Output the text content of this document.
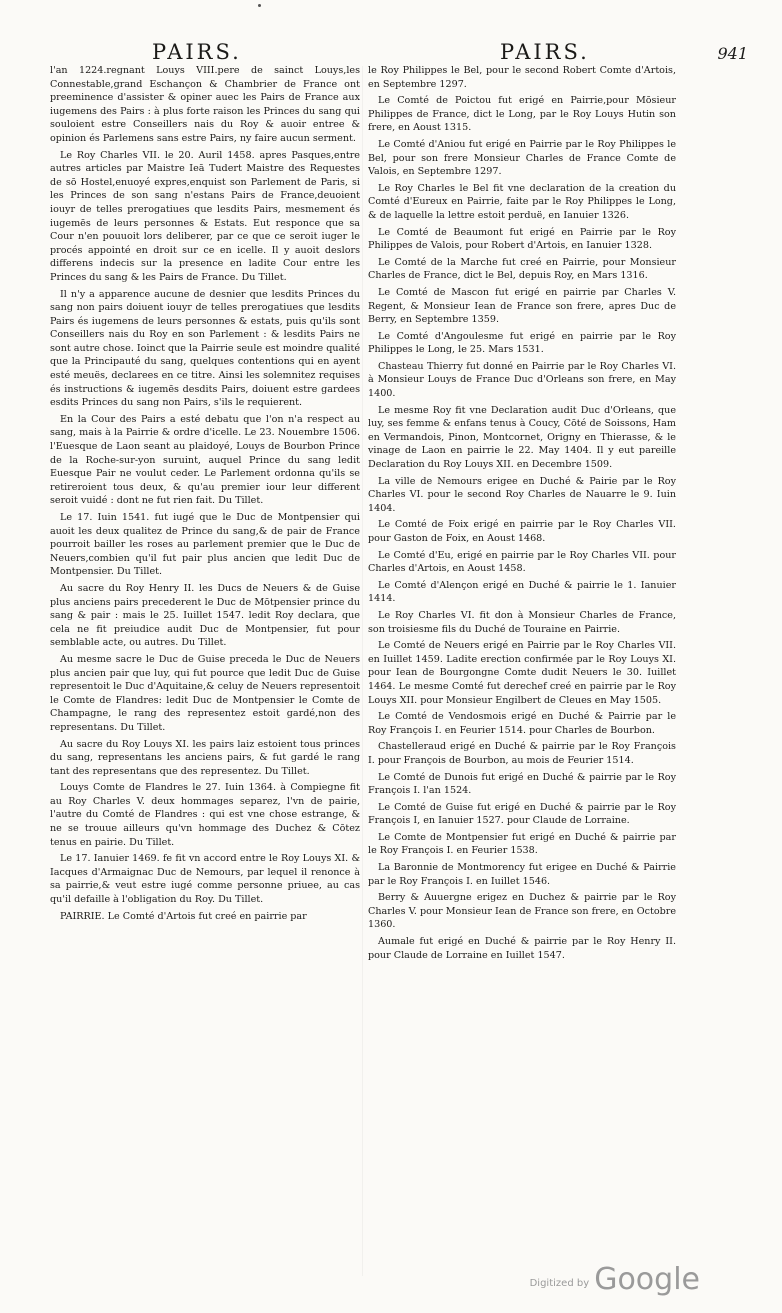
PAIRS.	PAIRS.	941

l'an 1224.regnant Louys VIII.pere de sainct Louys,les Connestable,grand Eschançon & Chambrier de France ont preeminence d'assister & opiner auec les Pairs de France aux iugemens des Pairs : à plus forte raison les Princes du sang qui souloient estre Conseillers nais du Roy & auoir entree & opinion és Parlemens sans estre Pairs, ny faire aucun serment.

Le Roy Charles VII. le 20. Auril 1458. apres Pasques,entre autres articles par Maistre Ieā Tudert Maistre des Requestes de sō Hostel,enuoyé expres,enquist son Parlement de Paris, si les Princes de son sang n'estans Pairs de France,deuoient iouyr de telles prerogatiues que lesdits Pairs, mesmement és iugemēs de leurs personnes & Estats. Eut responce que sa Cour n'en pouuoit lors deliberer, par ce que ce seroit iuger le procés appointé en droit sur ce en icelle. Il y auoit deslors differens indecis sur la presence en ladite Cour entre les Princes du sang & les Pairs de France. Du Tillet.

Il n'y a apparence aucune de desnier que lesdits Princes du sang non pairs doiuent iouyr de telles prerogatiues que lesdits Pairs és iugemens de leurs personnes & estats, puis qu'ils sont Conseillers nais du Roy en son Parlement : & lesdits Pairs ne sont autre chose. Ioinct que la Pairrie seule est moindre qualité que la Principauté du sang, quelques contentions qui en ayent esté meuës, declarees en ce titre. Ainsi les solemnitez requises és instructions & iugemēs desdits Pairs, doiuent estre gardees esdits Princes du sang non Pairs, s'ils le requierent.

En la Cour des Pairs a esté debatu que l'on n'a respect au sang, mais à la Pairrie & ordre d'icelle. Le 23. Nouembre 1506. l'Euesque de Laon seant au plaidoyé, Louys de Bourbon Prince de la Roche-sur-yon suruint, auquel Prince du sang ledit Euesque Pair ne voulut ceder. Le Parlement ordonna qu'ils se retireroient tous deux, & qu'au premier iour leur different seroit vuidé : dont ne fut rien fait. Du Tillet.

Le 17. Iuin 1541. fut iugé que le Duc de Montpensier qui auoit les deux qualitez de Prince du sang,& de pair de France pourroit bailler les roses au parlement premier que le Duc de Neuers,combien qu'il fut pair plus ancien que ledit Duc de Montpensier. Du Tillet.

Au sacre du Roy Henry II. les Ducs de Neuers & de Guise plus anciens pairs precederent le Duc de Mōtpensier prince du sang & pair : mais le 25. Iuillet 1547. ledit Roy declara, que cela ne fit preiudice audit Duc de Montpensier, fut pour semblable acte, ou autres. Du Tillet.

Au mesme sacre le Duc de Guise preceda le Duc de Neuers plus ancien pair que luy, qui fut pource que ledit Duc de Guise representoit le Duc d'Aquitaine,& celuy de Neuers representoit le Comte de Flandres: ledit Duc de Montpensier le Comte de Champagne, le rang des representez estoit gardé,non des representans. Du Tillet.

Au sacre du Roy Louys XI. les pairs laiz estoient tous princes du sang, representans les anciens pairs, & fut gardé le rang tant des representans que des representez. Du Tillet.

Louys Comte de Flandres le 27. Iuin 1364. à Compiegne fit au Roy Charles V. deux hommages separez, l'vn de pairie, l'autre du Comté de Flandres : qui est vne chose estrange, & ne se trouue ailleurs qu'vn hommage des Duchez & Cōtez tenus en pairie. Du Tillet.

Le 17. Ianuier 1469. fe fit vn accord entre le Roy Louys XI. & Iacques d'Armaignac Duc de Nemours, par lequel il renonce à sa pairrie,& veut estre iugé comme personne priuee, au cas qu'il defaille à l'obligation du Roy. Du Tillet.

PAIRRIE. Le Comté d'Artois fut creé en pairrie par

le Roy Philippes le Bel, pour le second Robert Comte d'Artois, en Septembre 1297.

Le Comté de Poictou fut erigé en Pairrie,pour Mōsieur Philippes de France, dict le Long, par le Roy Louys Hutin son frere, en Aoust 1315.

Le Comté d'Aniou fut erigé en Pairrie par le Roy Philippes le Bel, pour son frere Monsieur Charles de France Comte de Valois, en Septembre 1297.

Le Roy Charles le Bel fit vne declaration de la creation du Comté d'Eureux en Pairrie, faite par le Roy Philippes le Long, & de laquelle la lettre estoit perduë, en Ianuier 1326.

Le Comté de Beaumont fut erigé en Pairrie par le Roy Philippes de Valois, pour Robert d'Artois, en Ianuier 1328.

Le Comté de la Marche fut creé en Pairrie, pour Monsieur Charles de France, dict le Bel, depuis Roy, en Mars 1316.

Le Comté de Mascon fut erigé en pairrie par Charles V. Regent, & Monsieur Iean de France son frere, apres Duc de Berry, en Septembre 1359.

Le Comté d'Angoulesme fut erigé en pairrie par le Roy Philippes le Long, le 25. Mars 1531.

Chasteau Thierry fut donné en Pairrie par le Roy Charles VI. à Monsieur Louys de France Duc d'Orleans son frere, en May 1400.

Le mesme Roy fit vne Declaration audit Duc d'Orleans, que luy, ses femme & enfans tenus à Coucy, Cōté de Soissons, Ham en Vermandois, Pinon, Montcornet, Origny en Thierasse, & le vinage de Laon en pairrie le 22. May 1404. Il y eut pareille Declaration du Roy Louys XII. en Decembre 1509.

La ville de Nemours erigee en Duché & Pairie par le Roy Charles VI. pour le second Roy Charles de Nauarre le 9. Iuin 1404.

Le Comté de Foix erigé en pairrie par le Roy Charles VII. pour Gaston de Foix, en Aoust 1468.

Le Comté d'Eu, erigé en pairrie par le Roy Charles VII. pour Charles d'Artois, en Aoust 1458.

Le Comté d'Alençon erigé en Duché & pairrie le 1. Ianuier 1414.

Le Roy Charles VI. fit don à Monsieur Charles de France, son troisiesme fils du Duché de Touraine en Pairrie.

Le Comté de Neuers erigé en Pairrie par le Roy Charles VII. en Iuillet 1459. Ladite erection confirmée par le Roy Louys XI. pour Iean de Bourgongne Comte dudit Neuers le 30. Iuillet 1464. Le mesme Comté fut derechef creé en pairrie par le Roy Louys XII. pour Monsieur Engilbert de Cleues en May 1505.

Le Comté de Vendosmois erigé en Duché & Pairrie par le Roy François I. en Feurier 1514. pour Charles de Bourbon.

Chastelleraud erigé en Duché & pairrie par le Roy François I. pour François de Bourbon, au mois de Feurier 1514.

Le Comté de Dunois fut erigé en Duché & pairrie par le Roy François I. l'an 1524.

Le Comté de Guise fut erigé en Duché & pairrie par le Roy François I, en Ianuier 1527. pour Claude de Lorraine.

Le Comte de Montpensier fut erigé en Duché & pairrie par le Roy François I. en Feurier 1538.

La Baronnie de Montmorency fut erigee en Duché & Pairrie par le Roy François I. en Iuillet 1546.

Berry & Auuergne erigez en Duchez & pairrie par le Roy Charles V. pour Monsieur Iean de France son frere, en Octobre 1360.

Aumale fut erigé en Duché & pairrie par le Roy Henry II. pour Claude de Lorraine en Iuillet 1547.

Digitized by Google
